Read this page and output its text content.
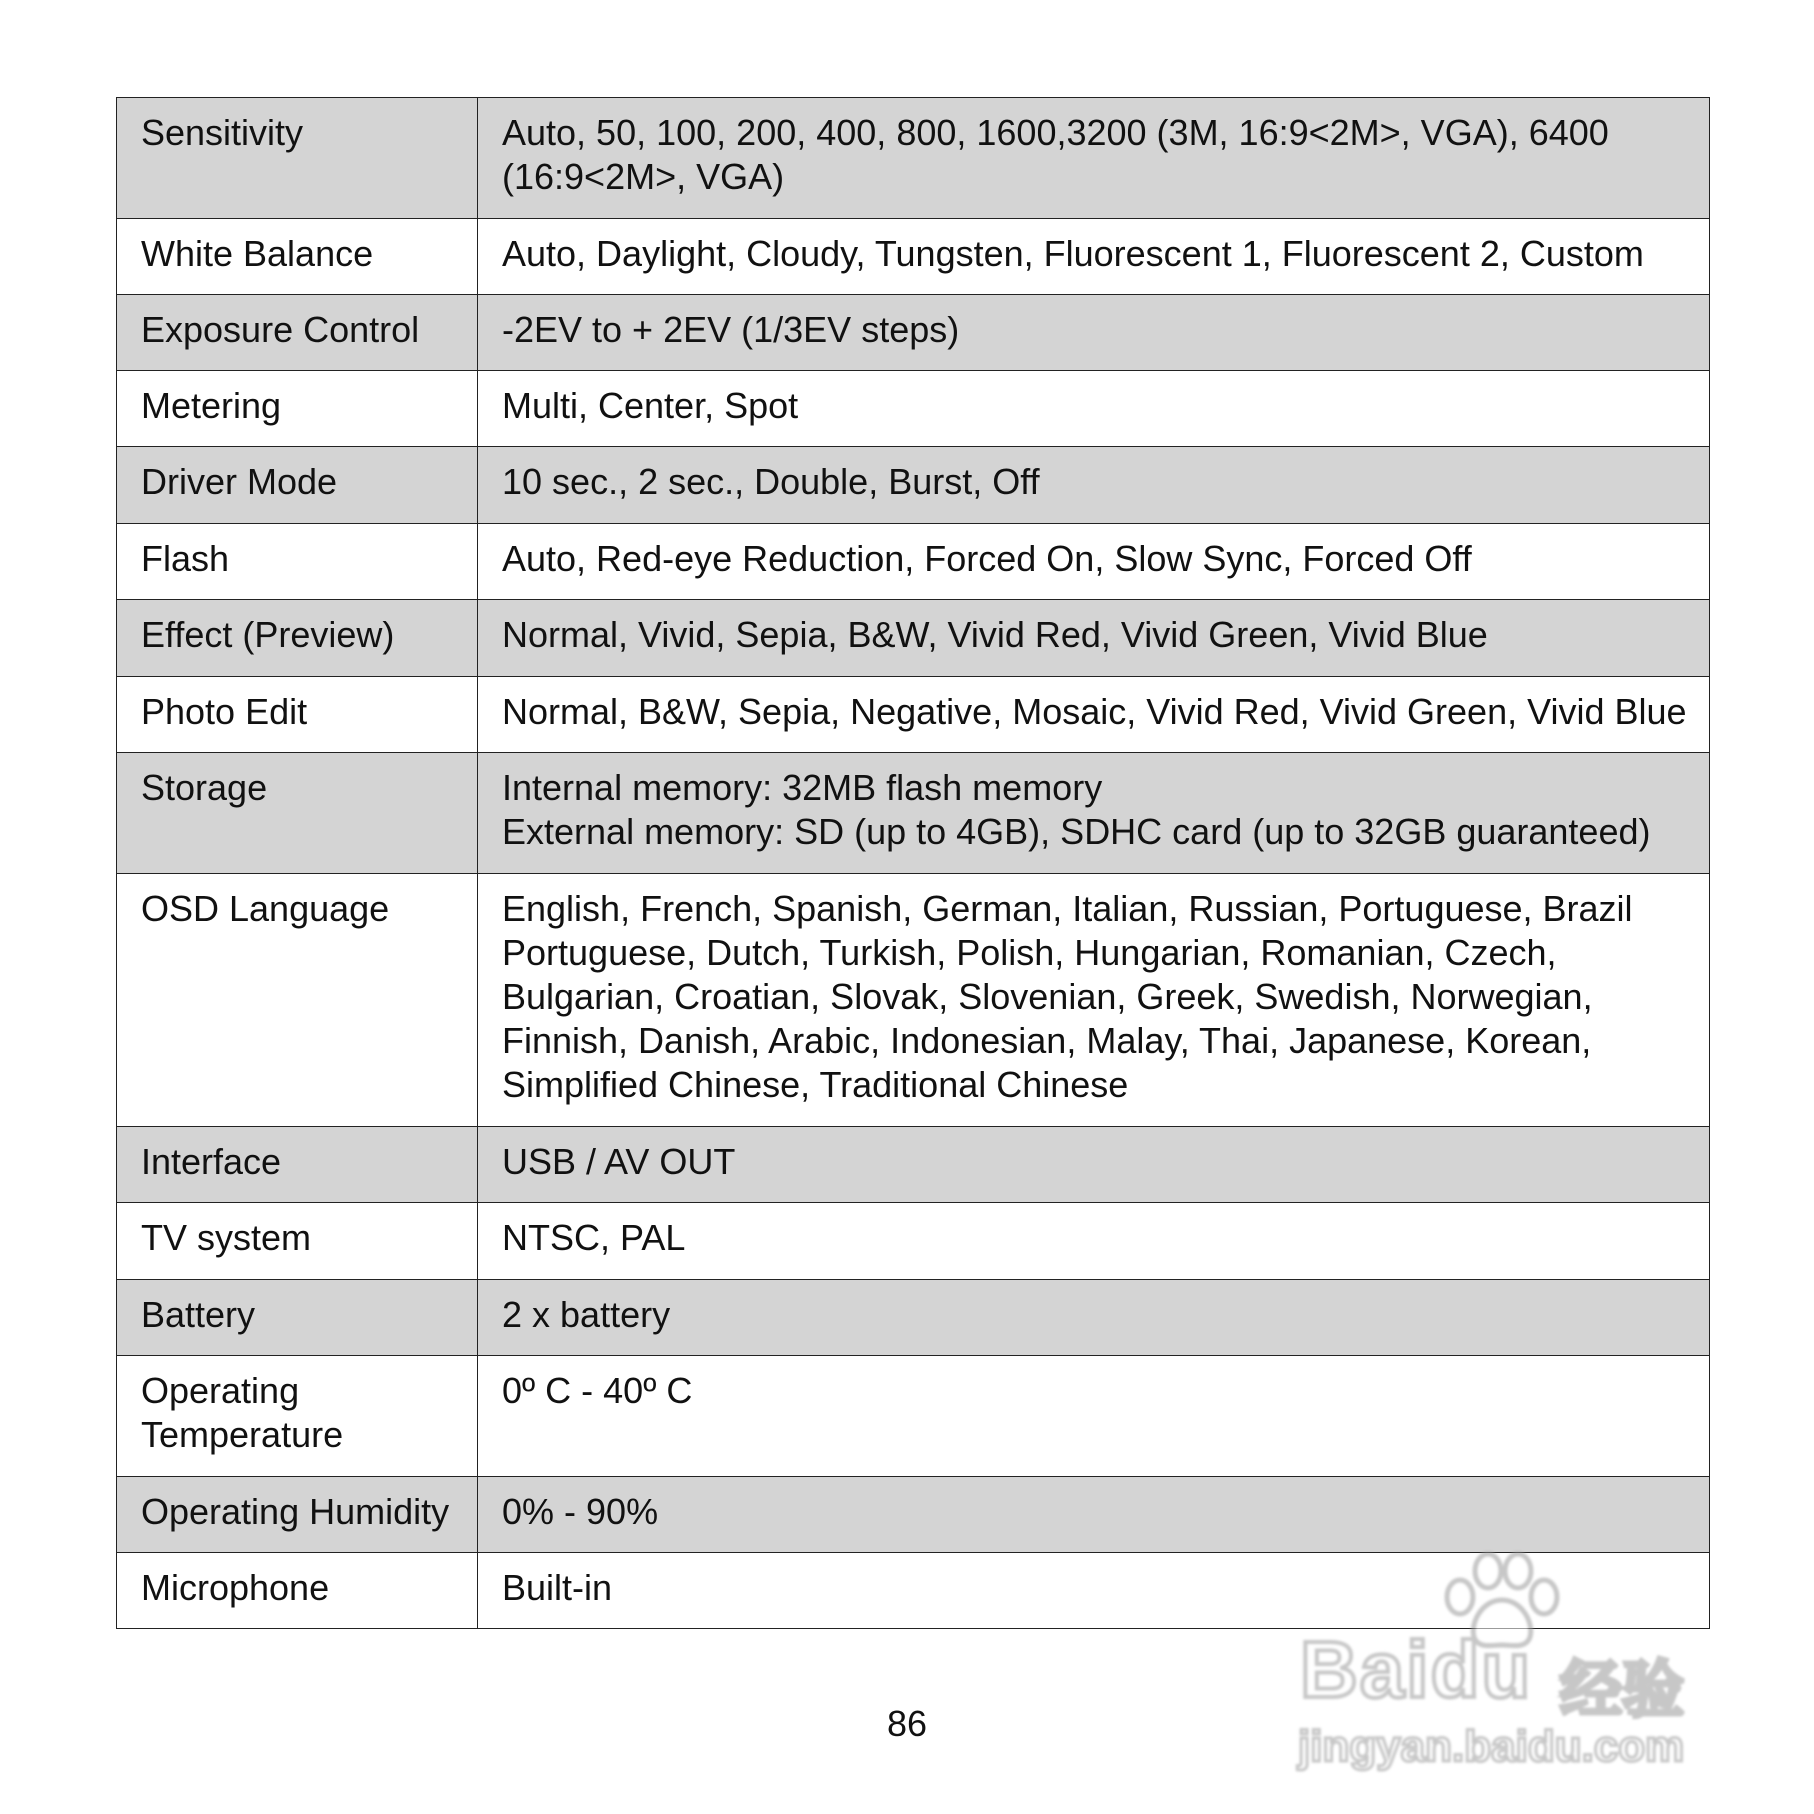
Sensitivity	Auto, 50, 100, 200, 400, 800, 1600,3200 (3M, 16:9<2M>, VGA), 6400
(16:9<2M>, VGA)
White Balance	Auto, Daylight, Cloudy, Tungsten, Fluorescent 1, Fluorescent 2, Custom
Exposure Control	-2EV to + 2EV (1/3EV steps)
Metering	Multi, Center, Spot
Driver Mode	10 sec., 2 sec., Double, Burst, Off
Flash	Auto, Red-eye Reduction, Forced On, Slow Sync, Forced Off
Effect (Preview)	Normal, Vivid, Sepia, B&W, Vivid Red, Vivid Green, Vivid Blue
Photo Edit	Normal, B&W, Sepia, Negative, Mosaic, Vivid Red, Vivid Green, Vivid Blue
Storage	Internal memory: 32MB flash memory
External memory: SD (up to 4GB), SDHC card (up to 32GB guaranteed)
OSD Language	English, French, Spanish, German, Italian, Russian, Portuguese, Brazil
Portuguese, Dutch, Turkish, Polish, Hungarian, Romanian, Czech,
Bulgarian, Croatian, Slovak, Slovenian, Greek, Swedish, Norwegian,
Finnish, Danish, Arabic, Indonesian, Malay, Thai, Japanese, Korean,
Simplified Chinese, Traditional Chinese
Interface	USB / AV OUT
TV system	NTSC, PAL
Battery	2 x battery
Operating
Temperature	0º C - 40º C
Operating Humidity	0% - 90%
Microphone	Built-in
86
Baidu 经验
jingyan.baidu.com
